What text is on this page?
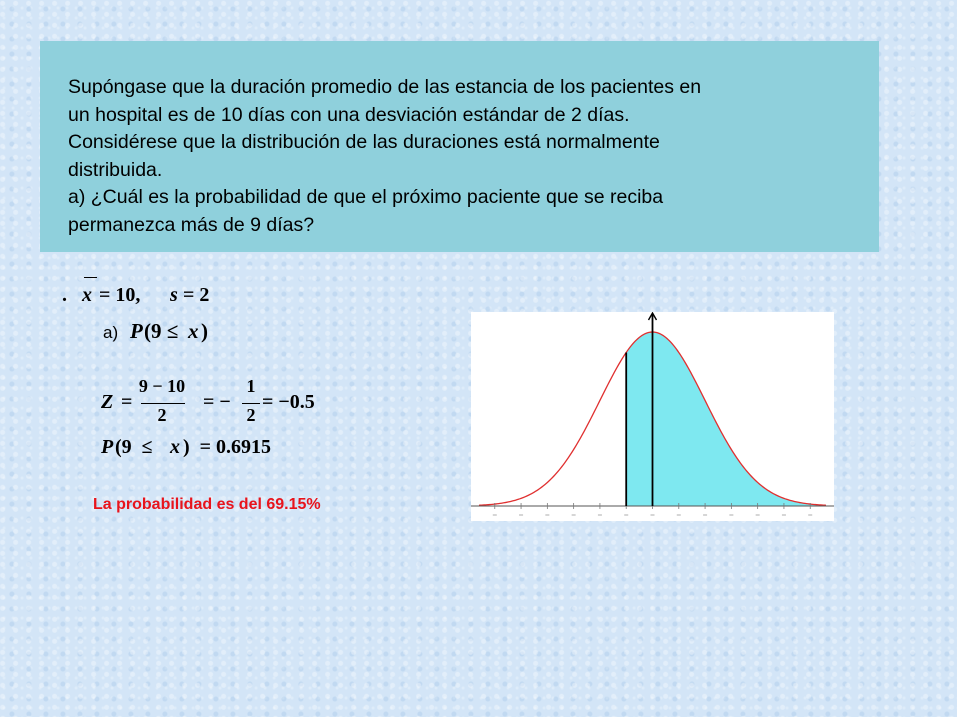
Supóngase que la duración promedio de las estancia de los pacientes en
un hospital es de 10 días con una desviación estándar de 2 días.
Considérese que la distribución de las duraciones está normalmente
distribuida.
a) ¿Cuál es la probabilidad de que el próximo paciente que se reciba
permanezca más de 9 días?

. x = 10, s = 2
a) P (9 ≤ x )
Z =
9 − 10
2
= −
1
2
= −0.5
P (9  ≤ x )  = 0.6915
La probabilidad es del 69.15%
